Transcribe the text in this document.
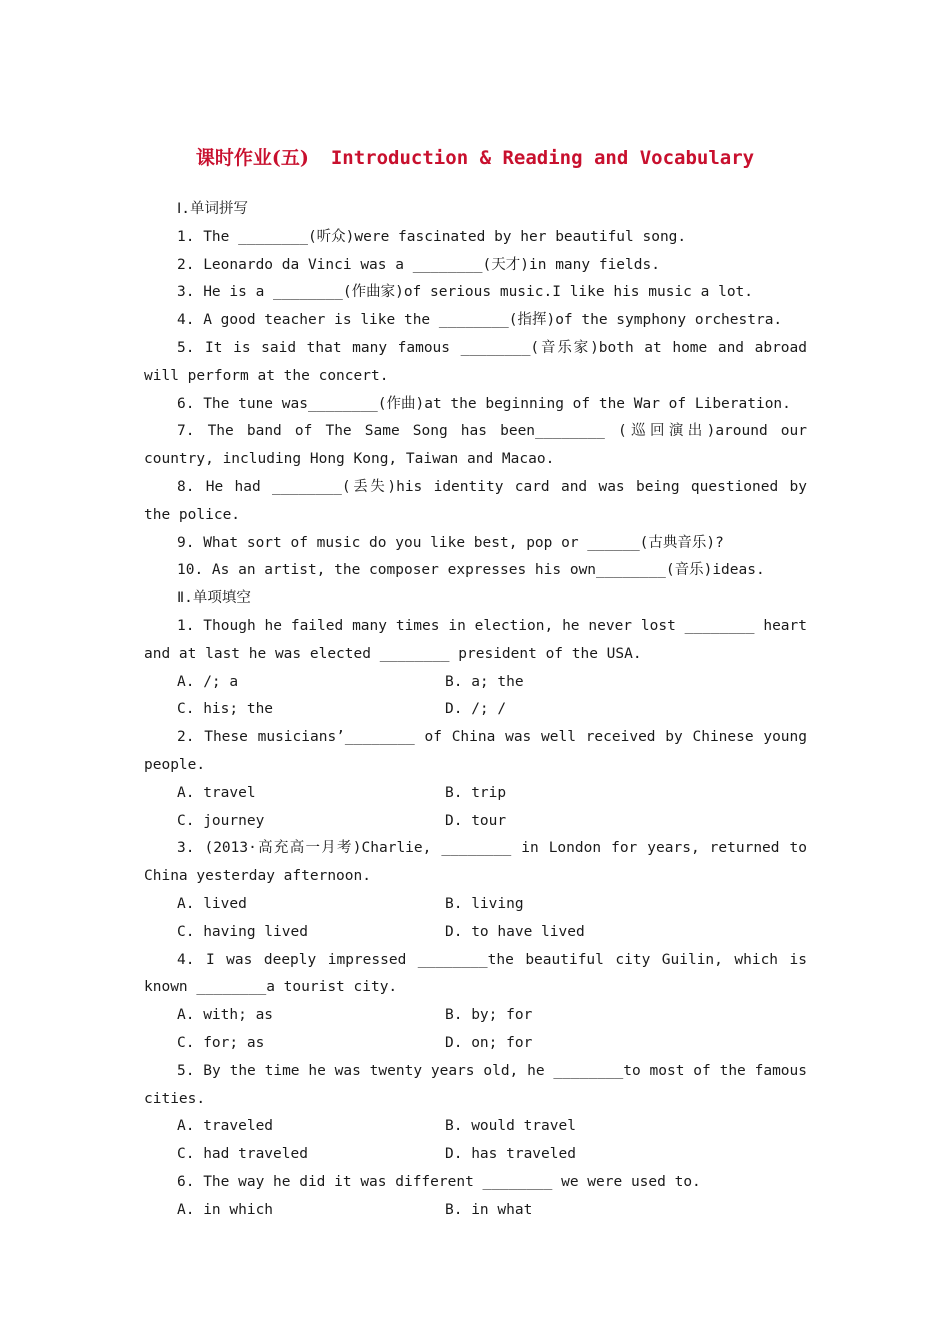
课时作业(五) Introduction & Reading and Vocabulary
Ⅰ.单词拼写
1. The ________(听众)were fascinated by her beautiful song.
2. Leonardo da Vinci was a ________(天才)in many fields.
3. He is a ________(作曲家)of serious music.I like his music a lot.
4. A good teacher is like the ________(指挥)of the symphony orchestra.
5. It is said that many famous ________(音乐家)both at home and abroad will perform at the concert.
6. The tune was________(作曲)at the beginning of the War of Liberation.
7. The band of The Same Song has been________ (巡回演出)around our country, including Hong Kong, Taiwan and Macao.
8. He had ________(丢失)his identity card and was being questioned by the police.
9. What sort of music do you like best, pop or ______(古典音乐)?
10. As an artist, the composer expresses his own________(音乐)ideas.
Ⅱ.单项填空
1. Though he failed many times in election, he never lost ________ heart and at last he was elected ________ president of the USA.
A. /; a	B. a; the
C. his; the	D. /; /
2. These musicians’________ of China was well received by Chinese young people.
A. travel	B. trip
C. journey	D. tour
3. (2013·高充高一月考)Charlie, ________ in London for years, returned to China yesterday afternoon.
A. lived	B. living
C. having lived	D. to have lived
4. I was deeply impressed ________the beautiful city Guilin, which is known ________a tourist city.
A. with; as	B. by; for
C. for; as	D. on; for
5. By the time he was twenty years old, he ________to most of the famous cities.
A. traveled	B. would travel
C. had traveled	D. has traveled
6. The way he did it was different ________ we were used to.
A. in which	B. in what
